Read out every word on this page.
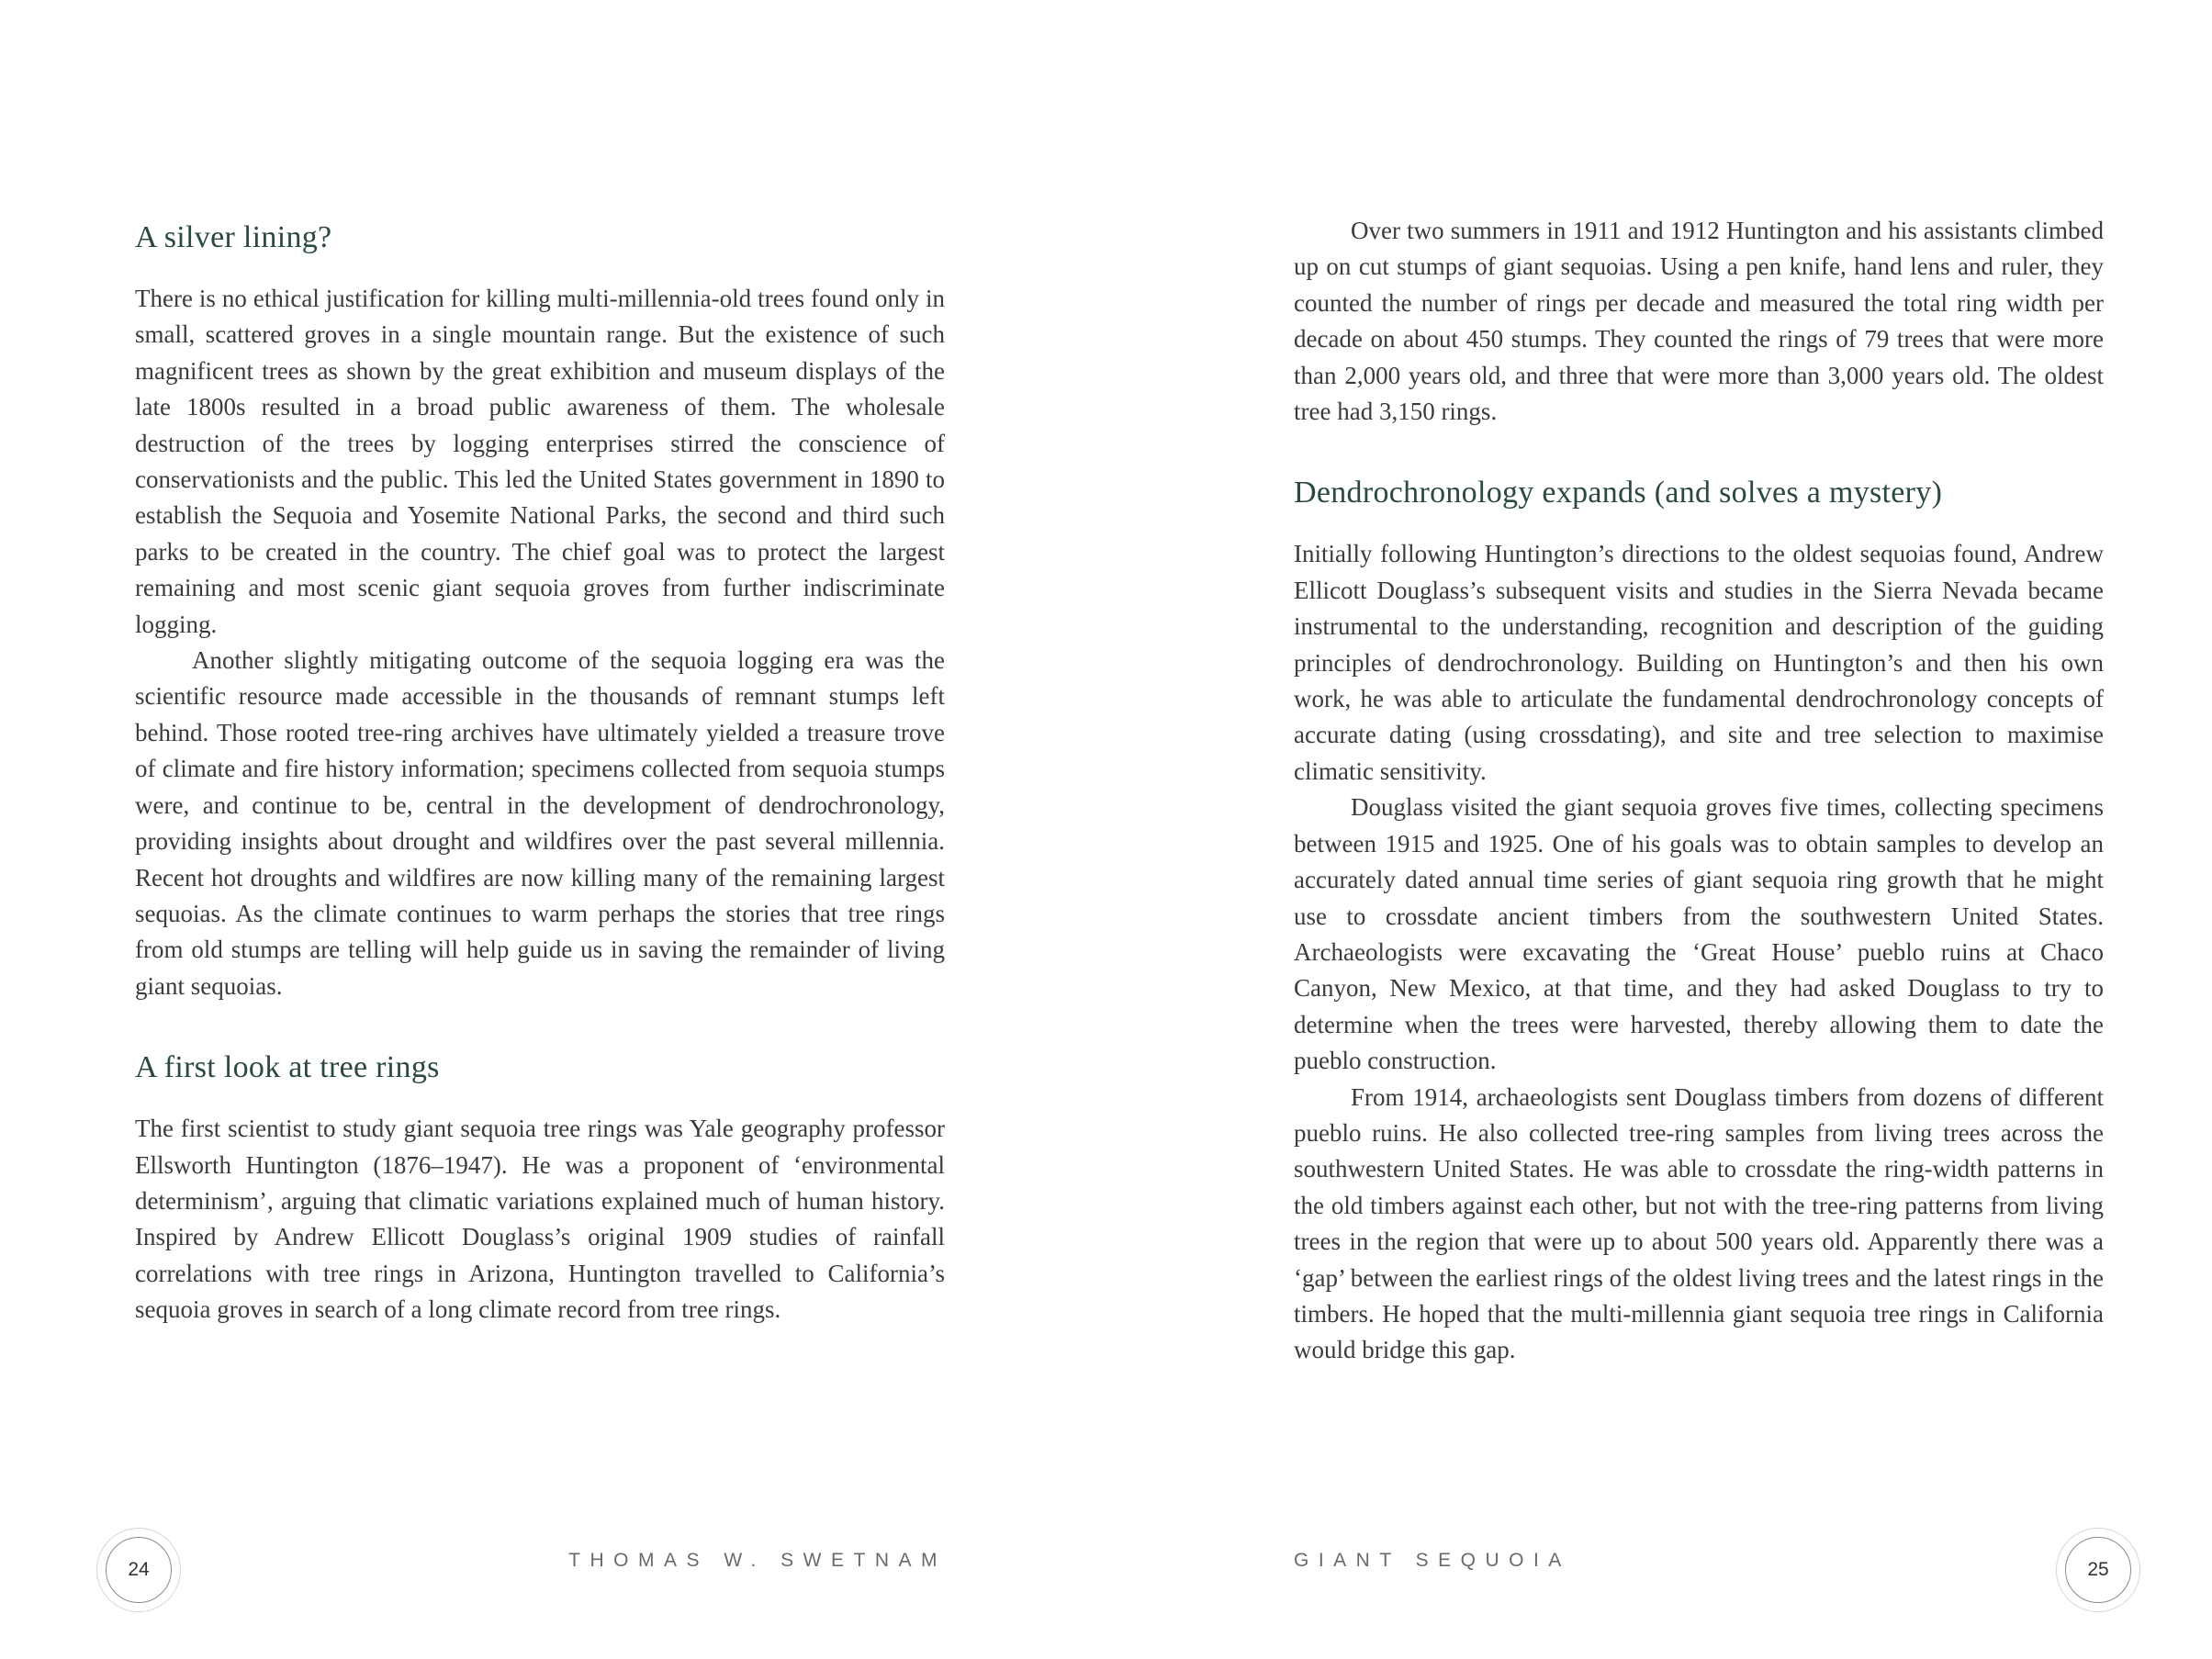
A silver lining?

There is no ethical justification for killing multi-millennia-old trees found only in small, scattered groves in a single mountain range. But the existence of such magnificent trees as shown by the great exhibition and museum displays of the late 1800s resulted in a broad public awareness of them. The wholesale destruction of the trees by logging enterprises stirred the conscience of conservationists and the public. This led the United States government in 1890 to establish the Sequoia and Yosemite National Parks, the second and third such parks to be created in the country. The chief goal was to protect the largest remaining and most scenic giant sequoia groves from further indiscriminate logging.

Another slightly mitigating outcome of the sequoia logging era was the scientific resource made accessible in the thousands of remnant stumps left behind. Those rooted tree-ring archives have ultimately yielded a treasure trove of climate and fire history information; specimens collected from sequoia stumps were, and continue to be, central in the development of dendrochronology, providing insights about drought and wildfires over the past several millennia. Recent hot droughts and wildfires are now killing many of the remaining largest sequoias. As the climate continues to warm perhaps the stories that tree rings from old stumps are telling will help guide us in saving the remainder of living giant sequoias.

A first look at tree rings

The first scientist to study giant sequoia tree rings was Yale geography professor Ellsworth Huntington (1876–1947). He was a proponent of ‘environmental determinism’, arguing that climatic variations explained much of human history. Inspired by Andrew Ellicott Douglass’s original 1909 studies of rainfall correlations with tree rings in Arizona, Huntington travelled to California’s sequoia groves in search of a long climate record from tree rings.

24	THOMAS W. SWETNAM

Over two summers in 1911 and 1912 Huntington and his assistants climbed up on cut stumps of giant sequoias. Using a pen knife, hand lens and ruler, they counted the number of rings per decade and measured the total ring width per decade on about 450 stumps. They counted the rings of 79 trees that were more than 2,000 years old, and three that were more than 3,000 years old. The oldest tree had 3,150 rings.

Dendrochronology expands (and solves a mystery)

Initially following Huntington’s directions to the oldest sequoias found, Andrew Ellicott Douglass’s subsequent visits and studies in the Sierra Nevada became instrumental to the understanding, recognition and description of the guiding principles of dendrochronology. Building on Huntington’s and then his own work, he was able to articulate the fundamental dendrochronology concepts of accurate dating (using crossdating), and site and tree selection to maximise climatic sensitivity.

Douglass visited the giant sequoia groves five times, collecting specimens between 1915 and 1925. One of his goals was to obtain samples to develop an accurately dated annual time series of giant sequoia ring growth that he might use to crossdate ancient timbers from the southwestern United States. Archaeologists were excavating the ‘Great House’ pueblo ruins at Chaco Canyon, New Mexico, at that time, and they had asked Douglass to try to determine when the trees were harvested, thereby allowing them to date the pueblo construction.

From 1914, archaeologists sent Douglass timbers from dozens of different pueblo ruins. He also collected tree-ring samples from living trees across the southwestern United States. He was able to crossdate the ring-width patterns in the old timbers against each other, but not with the tree-ring patterns from living trees in the region that were up to about 500 years old. Apparently there was a ‘gap’ between the earliest rings of the oldest living trees and the latest rings in the timbers. He hoped that the multi-millennia giant sequoia tree rings in California would bridge this gap.

GIANT SEQUOIA	25
